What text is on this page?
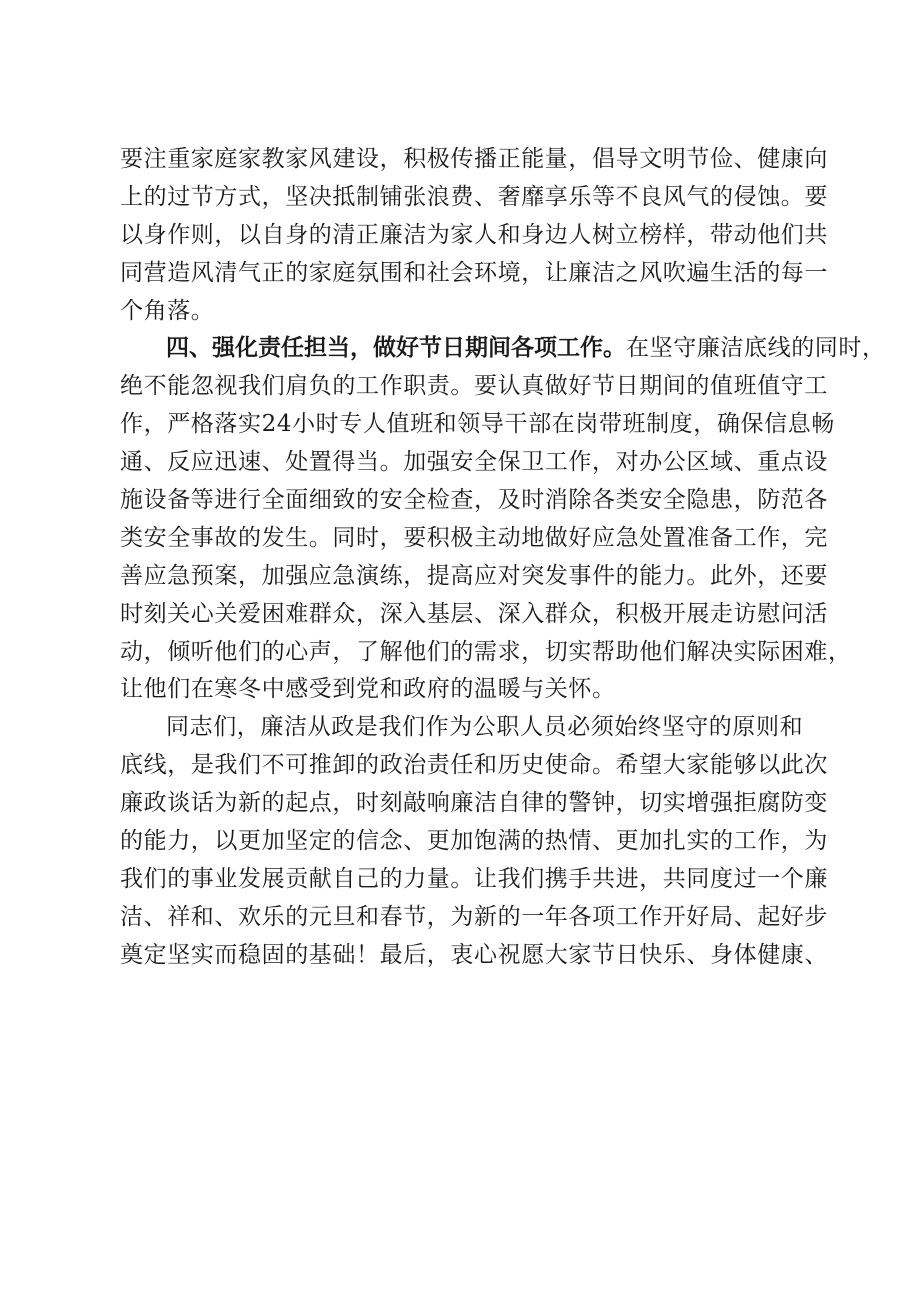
要注重家庭家教家风建设，积极传播正能量，倡导文明节俭、健康向
上的过节方式，坚决抵制铺张浪费、奢靡享乐等不良风气的侵蚀。要
以身作则，以自身的清正廉洁为家人和身边人树立榜样，带动他们共
同营造风清气正的家庭氛围和社会环境，让廉洁之风吹遍生活的每一
个角落。
四、强化责任担当，做好节日期间各项工作。在坚守廉洁底线的同时，
绝不能忽视我们肩负的工作职责。要认真做好节日期间的值班值守工
作，严格落实24小时专人值班和领导干部在岗带班制度，确保信息畅
通、反应迅速、处置得当。加强安全保卫工作，对办公区域、重点设
施设备等进行全面细致的安全检查，及时消除各类安全隐患，防范各
类安全事故的发生。同时，要积极主动地做好应急处置准备工作，完
善应急预案，加强应急演练，提高应对突发事件的能力。此外，还要
时刻关心关爱困难群众，深入基层、深入群众，积极开展走访慰问活
动，倾听他们的心声，了解他们的需求，切实帮助他们解决实际困难，
让他们在寒冬中感受到党和政府的温暖与关怀。
同志们，廉洁从政是我们作为公职人员必须始终坚守的原则和
底线，是我们不可推卸的政治责任和历史使命。希望大家能够以此次
廉政谈话为新的起点，时刻敲响廉洁自律的警钟，切实增强拒腐防变
的能力，以更加坚定的信念、更加饱满的热情、更加扎实的工作，为
我们的事业发展贡献自己的力量。让我们携手共进，共同度过一个廉
洁、祥和、欢乐的元旦和春节，为新的一年各项工作开好局、起好步
奠定坚实而稳固的基础！最后，衷心祝愿大家节日快乐、身体健康、
